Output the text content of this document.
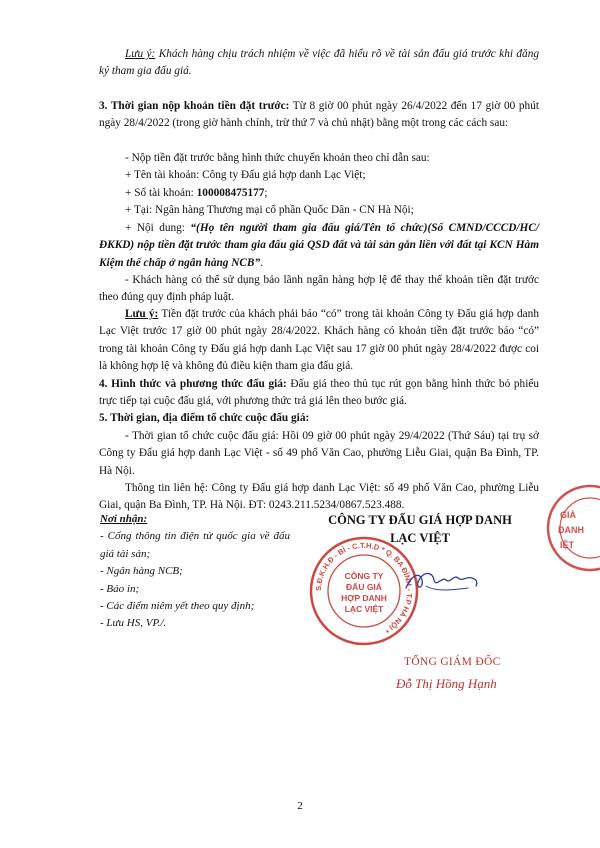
Lưu ý: Khách hàng chịu trách nhiệm về việc đã hiểu rõ về tài sản đấu giá trước khi đăng ký tham gia đấu giá.
3. Thời gian nộp khoản tiền đặt trước: Từ 8 giờ 00 phút ngày 26/4/2022 đến 17 giờ 00 phút ngày 28/4/2022 (trong giờ hành chính, trừ thứ 7 và chủ nhật) bằng một trong các cách sau:
- Nộp tiền đặt trước bằng hình thức chuyển khoản theo chỉ dẫn sau:
+ Tên tài khoản: Công ty Đấu giá hợp danh Lạc Việt;
+ Số tài khoản: 100008475177;
+ Tại: Ngân hàng Thương mại cổ phần Quốc Dân - CN Hà Nội;
+ Nội dung: “(Họ tên người tham gia đấu giá/Tên tổ chức)(Số CMND/CCCD/HC/ĐKKD) nộp tiền đặt trước tham gia đấu giá QSD đất và tài sản gắn liền với đất tại KCN Hàm Kiệm thế chấp ở ngân hàng NCB”.
- Khách hàng có thể sử dụng bảo lãnh ngân hàng hợp lệ để thay thế khoản tiền đặt trước theo đúng quy định pháp luật.
Lưu ý: Tiền đặt trước của khách phải báo “có” trong tài khoản Công ty Đấu giá hợp danh Lạc Việt trước 17 giờ 00 phút ngày 28/4/2022. Khách hàng có khoản tiền đặt trước báo “có” trong tài khoản Công ty Đấu giá hợp danh Lạc Việt sau 17 giờ 00 phút ngày 28/4/2022 được coi là không hợp lệ và không đủ điều kiện tham gia đấu giá.
4. Hình thức và phương thức đấu giá: Đấu giá theo thủ tục rút gọn bằng hình thức bỏ phiếu trực tiếp tại cuộc đấu giá, với phương thức trả giá lên theo bước giá.
5. Thời gian, địa điểm tổ chức cuộc đấu giá:
- Thời gian tổ chức cuộc đấu giá: Hồi 09 giờ 00 phút ngày 29/4/2022 (Thứ Sáu) tại trụ sở Công ty Đấu giá hợp danh Lạc Việt - số 49 phố Văn Cao, phường Liễu Giai, quận Ba Đình, TP. Hà Nội.
Thông tin liên hệ: Công ty Đấu giá hợp danh Lạc Việt: số 49 phố Văn Cao, phường Liễu Giai, quận Ba Đình, TP. Hà Nội. ĐT: 0243.211.5234/0867.523.488.
Nơi nhận:
- Cổng thông tin điện tử quốc gia về đấu giá tài sản;
- Ngân hàng NCB;
- Báo in;
- Các điểm niêm yết theo quy định;
- Lưu HS, VP./.
CÔNG TY ĐẤU GIÁ HỢP DANH
LẠC VIỆT
GIÁ
DANH
IỆT
S.Đ.K.H.Đ - BÌ - C.T.H.D * Q. BA ĐÌNH - T.P HÀ NỘI *
CÔNG TY
ĐẤU GIÁ
HỢP DANH
LẠC VIỆT
TỔNG GIÁM ĐỐC
Đỗ Thị Hồng Hạnh
2
